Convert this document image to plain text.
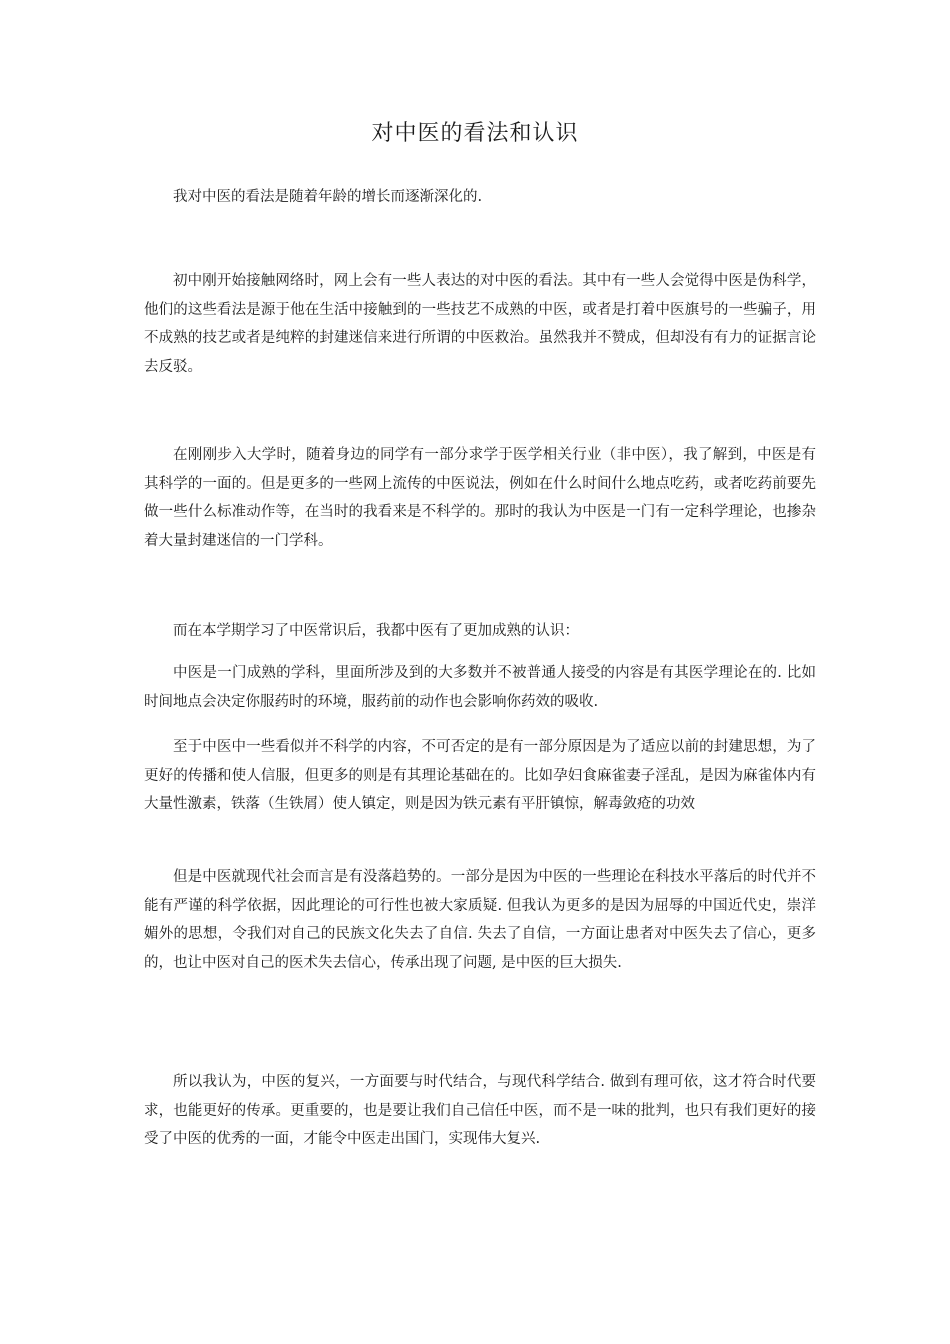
对中医的看法和认识

我对中医的看法是随着年龄的增长而逐渐深化的.

初中刚开始接触网络时，网上会有一些人表达的对中医的看法。其中有一些人会觉得中医是伪科学，他们的这些看法是源于他在生活中接触到的一些技艺不成熟的中医，或者是打着中医旗号的一些骗子，用不成熟的技艺或者是纯粹的封建迷信来进行所谓的中医救治。虽然我并不赞成，但却没有有力的证据言论去反驳。

在刚刚步入大学时，随着身边的同学有一部分求学于医学相关行业（非中医），我了解到，中医是有其科学的一面的。但是更多的一些网上流传的中医说法，例如在什么时间什么地点吃药，或者吃药前要先做一些什么标准动作等，在当时的我看来是不科学的。那时的我认为中医是一门有一定科学理论，也掺杂着大量封建迷信的一门学科。

而在本学期学习了中医常识后，我都中医有了更加成熟的认识：

中医是一门成熟的学科，里面所涉及到的大多数并不被普通人接受的内容是有其医学理论在的. 比如时间地点会决定你服药时的环境，服药前的动作也会影响你药效的吸收.

至于中医中一些看似并不科学的内容，不可否定的是有一部分原因是为了适应以前的封建思想，为了更好的传播和使人信服，但更多的则是有其理论基础在的。比如孕妇食麻雀妻子淫乱，是因为麻雀体内有大量性激素，铁落（生铁屑）使人镇定，则是因为铁元素有平肝镇惊，解毒敛疮的功效

但是中医就现代社会而言是有没落趋势的。一部分是因为中医的一些理论在科技水平落后的时代并不能有严谨的科学依据，因此理论的可行性也被大家质疑. 但我认为更多的是因为屈辱的中国近代史，崇洋媚外的思想，令我们对自己的民族文化失去了自信. 失去了自信，一方面让患者对中医失去了信心，更多的，也让中医对自己的医术失去信心，传承出现了问题, 是中医的巨大损失.

所以我认为，中医的复兴，一方面要与时代结合，与现代科学结合. 做到有理可依，这才符合时代要求，也能更好的传承。更重要的，也是要让我们自己信任中医，而不是一味的批判，也只有我们更好的接受了中医的优秀的一面，才能令中医走出国门，实现伟大复兴.
